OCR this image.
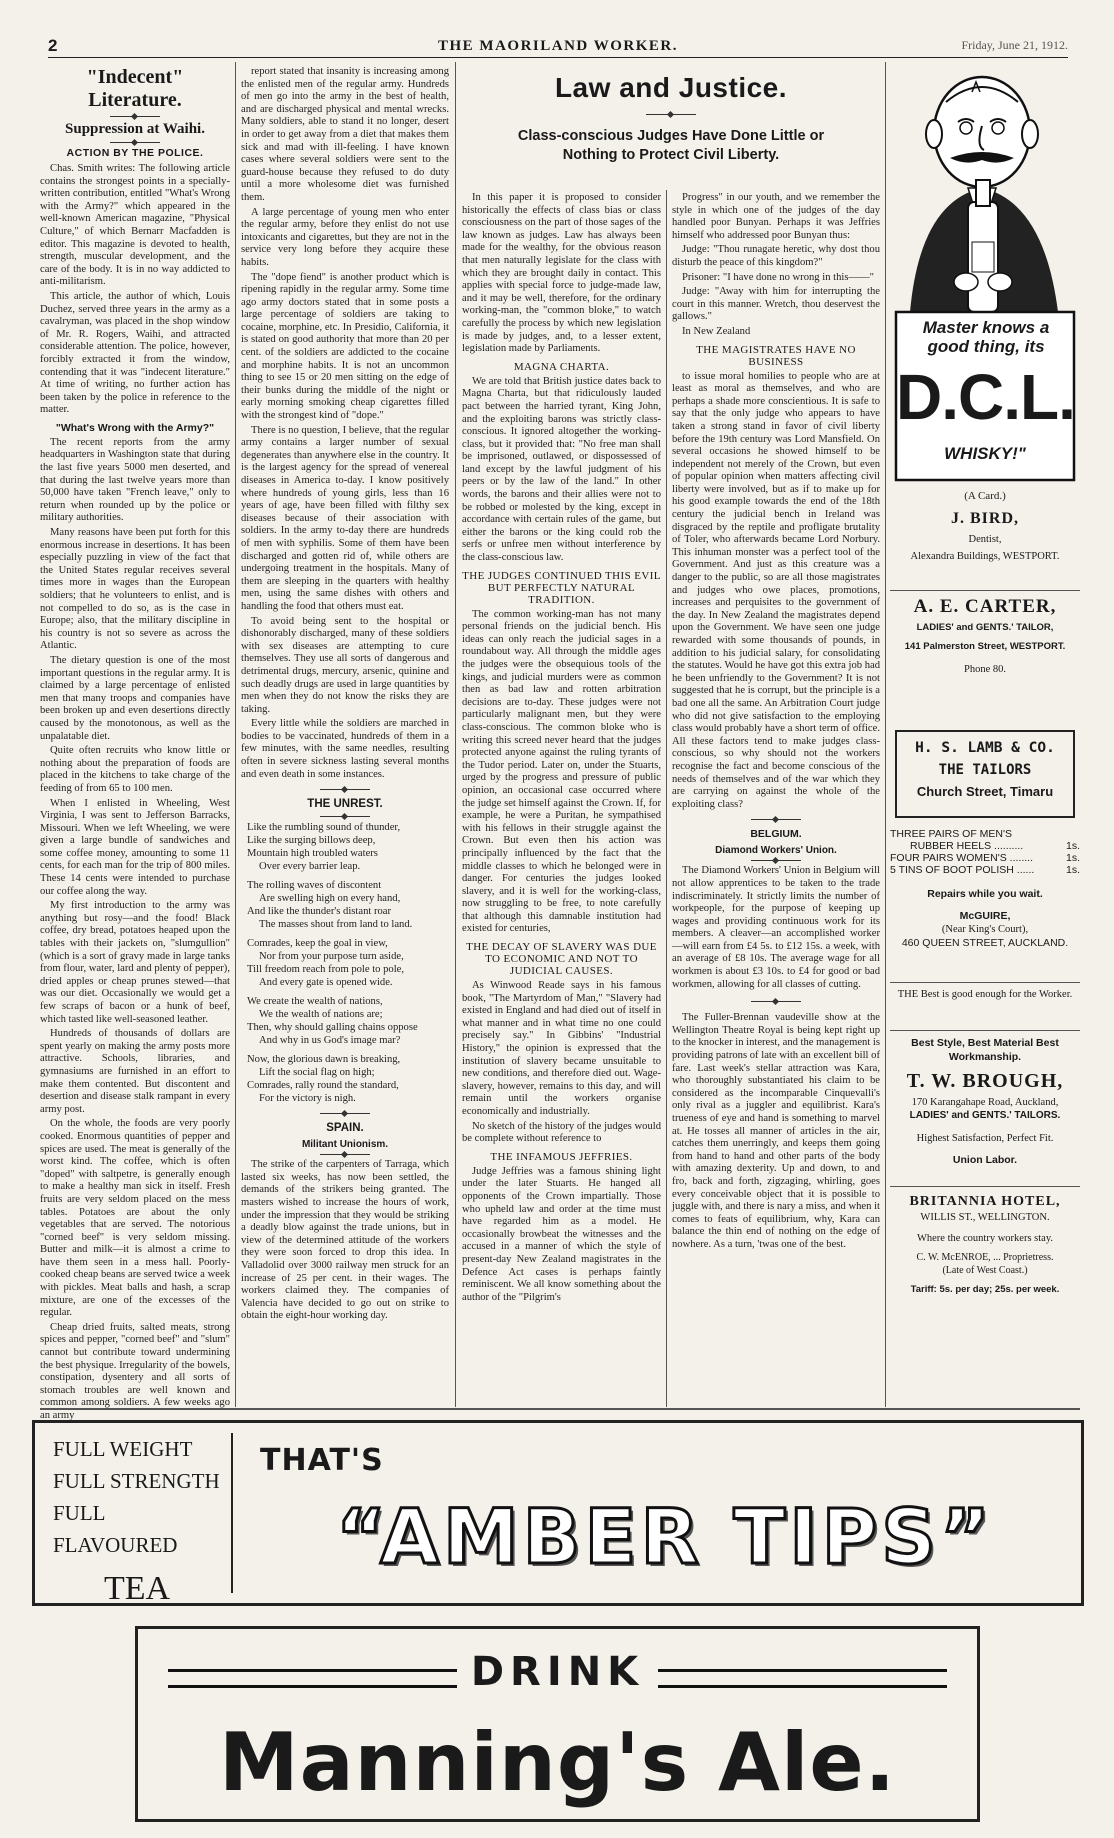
2	THE MAORILAND WORKER.	Friday, June 21, 1912.
"Indecent" Literature.
Suppression at Waihi.
ACTION BY THE POLICE.

Chas. Smith writes: The following article contains the strongest points in a specially-written contribution, entitled "What's Wrong with the Army?" which appeared in the well-known American magazine, "Physical Culture," of which Bernarr Macfadden is editor. This magazine is devoted to health, strength, muscular development, and the care of the body. It is in no way addicted to anti-militarism.

This article, the author of which, Louis Duchez, served three years in the army as a cavalryman, was placed in the shop window of Mr. R. Rogers, Waihi, and attracted considerable attention. The police, however, forcibly extracted it from the window, contending that it was "indecent literature." At time of writing, no further action has been taken by the police in reference to the matter.

"What's Wrong with the Army?"

The recent reports from the army headquarters in Washington state that during the last five years 5000 men deserted, and that during the last twelve years more than 50,000 have taken "French leave," only to return when rounded up by the police or military authorities.

Many reasons have been put forth for this enormous increase in desertions. It has been especially puzzling in view of the fact that the United States regular receives several times more in wages than the European soldiers; that he volunteers to enlist, and is not compelled to do so, as is the case in Europe; also, that the military discipline in his country is not so severe as across the Atlantic.

The dietary question is one of the most important questions in the regular army. It is claimed by a large percentage of enlisted men that many troops and companies have been broken up and even desertions directly caused by the monotonous, as well as the unpalatable diet.

Quite often recruits who know little or nothing about the preparation of foods are placed in the kitchens to take charge of the feeding of from 65 to 100 men.

When I enlisted in Wheeling, West Virginia, I was sent to Jefferson Barracks, Missouri. When we left Wheeling, we were given a large bundle of sandwiches and some coffee money, amounting to some 11 cents, for each man for the trip of 800 miles. These 14 cents were intended to purchase our coffee along the way.

My first introduction to the army was anything but rosy—and the food! Black coffee, dry bread, potatoes heaped upon the tables with their jackets on, "slumgullion" (which is a sort of gravy made in large tanks from flour, water, lard and plenty of pepper), dried apples or cheap prunes stewed—that was our diet. Occasionally we would get a few scraps of bacon or a hunk of beef, which tasted like well-seasoned leather.

Hundreds of thousands of dollars are spent yearly on making the army posts more attractive. Schools, libraries, and gymnasiums are furnished in an effort to make them contented. But discontent and desertion and disease stalk rampant in every army post.

On the whole, the foods are very poorly cooked. Enormous quantities of pepper and spices are used. The meat is generally of the worst kind. The coffee, which is often "doped" with saltpetre, is generally enough to make a healthy man sick in itself. Fresh fruits are very seldom placed on the mess tables. Potatoes are about the only vegetables that are served. The notorious "corned beef" is very seldom missing. Butter and milk—it is almost a crime to have them seen in a mess hall. Poorly-cooked cheap beans are served twice a week with pickles. Meat balls and hash, a scrap mixture, are one of the excesses of the regular.

Cheap dried fruits, salted meats, strong spices and pepper, "corned beef" and "slum" cannot but contribute toward undermining the best physique. Irregularity of the bowels, constipation, dysentery and all sorts of stomach troubles are well known and common among soldiers. A few weeks ago an army

report stated that insanity is increasing among the enlisted men of the regular army. Hundreds of men go into the army in the best of health, and are discharged physical and mental wrecks. Many soldiers, able to stand it no longer, desert in order to get away from a diet that makes them sick and mad with ill-feeling. I have known cases where several soldiers were sent to the guard-house because they refused to do duty until a more wholesome diet was furnished them.

A large percentage of young men who enter the regular army, before they enlist do not use intoxicants and cigarettes, but they are not in the service very long before they acquire these habits.

The "dope fiend" is another product which is ripening rapidly in the regular army. Some time ago army doctors stated that in some posts a large percentage of soldiers are taking to cocaine, morphine, etc. In Presidio, California, it is stated on good authority that more than 20 per cent. of the soldiers are addicted to the cocaine and morphine habits. It is not an uncommon thing to see 15 or 20 men sitting on the edge of their bunks during the middle of the night or early morning smoking cheap cigarettes filled with the strongest kind of "dope."

There is no question, I believe, that the regular army contains a larger number of sexual degenerates than anywhere else in the country. It is the largest agency for the spread of venereal diseases in America to-day. I know positively where hundreds of young girls, less than 16 years of age, have been filled with filthy sex diseases because of their association with soldiers. In the army to-day there are hundreds of men with syphilis. Some of them have been discharged and gotten rid of, while others are undergoing treatment in the hospitals. Many of them are sleeping in the quarters with healthy men, using the same dishes with others and handling the food that others must eat.

To avoid being sent to the hospital or dishonorably discharged, many of these soldiers with sex diseases are attempting to cure themselves. They use all sorts of dangerous and detrimental drugs, mercury, arsenic, quinine and such deadly drugs are used in large quantities by men when they do not know the risks they are taking.

Every little while the soldiers are marched in bodies to be vaccinated, hundreds of them in a few minutes, with the same needles, resulting often in severe sickness lasting several months and even death in some instances.

THE UNREST.
Like the rumbling sound of thunder,
Like the surging billows deep,
Mountain high troubled waters
Over every barrier leap.
The rolling waves of discontent
Are swelling high on every hand,
And like the thunder's distant roar
The masses shout from land to land.
Comrades, keep the goal in view,
Nor from your purpose turn aside,
Till freedom reach from pole to pole,
And every gate is opened wide.
We create the wealth of nations,
We the wealth of nations are;
Then, why should galling chains oppose
And why in us God's image mar?
Now, the glorious dawn is breaking,
Lift the social flag on high;
Comrades, rally round the standard,
For the victory is nigh.
SPAIN.
Militant Unionism.

The strike of the carpenters of Tarraga, which lasted six weeks, has now been settled, the demands of the strikers being granted. The masters wished to increase the hours of work, under the impression that they would be striking a deadly blow against the trade unions, but in view of the determined attitude of the workers they were soon forced to drop this idea. In Valladolid over 3000 railway men struck for an increase of 25 per cent. in their wages. The workers claimed they. The companies of Valencia have decided to go out on strike to obtain the eight-hour working day.

Law and Justice.
Class-conscious Judges Have Done Little or Nothing to Protect Civil Liberty.

In this paper it is proposed to consider historically the effects of class bias or class consciousness on the part of those sages of the law known as judges. Law has always been made for the wealthy, for the obvious reason that men naturally legislate for the class with which they are brought daily in contact. This applies with special force to judge-made law, and it may be well, therefore, for the ordinary working-man, the "common bloke," to watch carefully the process by which new legislation is made by judges, and, to a lesser extent, legislation made by Parliaments.

MAGNA CHARTA.

We are told that British justice dates back to Magna Charta, but that ridiculously lauded pact between the harried tyrant, King John, and the exploiting barons was strictly class-conscious. It ignored altogether the working-class, but it provided that: "No free man shall be imprisoned, outlawed, or dispossessed of land except by the lawful judgment of his peers or by the law of the land." In other words, the barons and their allies were not to be robbed or molested by the king, except in accordance with certain rules of the game, but either the barons or the king could rob the serfs or unfree men without interference by the class-conscious law.

THE JUDGES CONTINUED THIS EVIL BUT PERFECTLY NATURAL TRADITION.

The common working-man has not many personal friends on the judicial bench. His ideas can only reach the judicial sages in a roundabout way. All through the middle ages the judges were the obsequious tools of the kings, and judicial murders were as common then as bad law and rotten arbitration decisions are to-day. These judges were not particularly malignant men, but they were class-conscious. The common bloke who is writing this screed never heard that the judges protected anyone against the ruling tyrants of the Tudor period. Later on, under the Stuarts, urged by the progress and pressure of public opinion, an occasional case occurred where the judge set himself against the Crown. If, for example, he were a Puritan, he sympathised with his fellows in their struggle against the Crown. But even then his action was principally influenced by the fact that the middle classes to which he belonged were in danger. For centuries the judges looked slavery, and it is well for the working-class, now struggling to be free, to note carefully that although this damnable institution had existed for centuries,

THE DECAY OF SLAVERY WAS DUE TO ECONOMIC AND NOT TO JUDICIAL CAUSES.

As Winwood Reade says in his famous book, "The Martyrdom of Man," "Slavery had existed in England and had died out of itself in what manner and in what time no one could precisely say." In Gibbins' "Industrial History," the opinion is expressed that the institution of slavery became unsuitable to new conditions, and therefore died out. Wage-slavery, however, remains to this day, and will remain until the workers organise economically and industrially.

No sketch of the history of the judges would be complete without reference to

THE INFAMOUS JEFFRIES.

Judge Jeffries was a famous shining light under the later Stuarts. He hanged all opponents of the Crown impartially. Those who upheld law and order at the time must have regarded him as a model. He occasionally browbeat the witnesses and the accused in a manner of which the style of present-day New Zealand magistrates in the Defence Act cases is perhaps faintly reminiscent. We all know something about the author of the "Pilgrim's

Progress" in our youth, and we remember the style in which one of the judges of the day handled poor Bunyan. Perhaps it was Jeffries himself who addressed poor Bunyan thus:

Judge: "Thou runagate heretic, why dost thou disturb the peace of this kingdom?"

Prisoner: "I have done no wrong in this——"

Judge: "Away with him for interrupting the court in this manner. Wretch, thou deservest the gallows."

In New Zealand

THE MAGISTRATES HAVE NO BUSINESS

to issue moral homilies to people who are at least as moral as themselves, and who are perhaps a shade more conscientious. It is safe to say that the only judge who appears to have taken a strong stand in favor of civil liberty before the 19th century was Lord Mansfield. On several occasions he showed himself to be independent not merely of the Crown, but even of popular opinion when matters affecting civil liberty were involved, but as if to make up for his good example towards the end of the 18th century the judicial bench in Ireland was disgraced by the reptile and profligate brutality of Toler, who afterwards became Lord Norbury. This inhuman monster was a perfect tool of the Government. And just as this creature was a danger to the public, so are all those magistrates and judges who owe places, promotions, increases and perquisites to the government of the day. In New Zealand the magistrates depend upon the Government. We have seen one judge rewarded with some thousands of pounds, in addition to his judicial salary, for consolidating the statutes. Would he have got this extra job had he been unfriendly to the Government? It is not suggested that he is corrupt, but the principle is a bad one all the same. An Arbitration Court judge who did not give satisfaction to the employing class would probably have a short term of office. All these factors tend to make judges class-conscious, so why should not the workers recognise the fact and become conscious of the needs of themselves and of the war which they are carrying on against the whole of the exploiting class?

BELGIUM.
Diamond Workers' Union.

The Diamond Workers' Union in Belgium will not allow apprentices to be taken to the trade indiscriminately. It strictly limits the number of workpeople, for the purpose of keeping up wages and providing continuous work for its members. A cleaver—an accomplished worker—will earn from £4 5s. to £12 15s. a week, with an average of £8 10s. The average wage for all workmen is about £3 10s. to £4 for good or bad workmen, allowing for all classes of cutting.

The Fuller-Brennan vaudeville show at the Wellington Theatre Royal is being kept right up to the knocker in interest, and the management is providing patrons of late with an excellent bill of fare. Last week's stellar attraction was Kara, who thoroughly substantiated his claim to be considered as the incomparable Cinquevalli's only rival as a juggler and equilibrist. Kara's trueness of eye and hand is something to marvel at. He tosses all manner of articles in the air, catches them unerringly, and keeps them going from hand to hand and other parts of the body with amazing dexterity. Up and down, to and fro, back and forth, zigzaging, whirling, goes every conceivable object that it is possible to juggle with, and there is nary a miss, and when it comes to feats of equilibrium, why, Kara can balance the thin end of nothing on the edge of nowhere. As a turn, 'twas one of the best.

Master knows a good thing, its
D.C.L.
WHISKY!"
(A Card.)
J. BIRD,
Dentist,
Alexandra Buildings, WESTPORT.
A. E. CARTER,
LADIES' and GENTS.' TAILOR,
141 Palmerston Street, WESTPORT.
Phone 80.
H. S. LAMB & CO.
THE TAILORS
Church Street, Timaru
THREE PAIRS OF MEN'S
RUBBER HEELS ..........	1s.
FOUR PAIRS WOMEN'S ........	1s.
5 TINS OF BOOT POLISH ......	1s.
Repairs while you wait.
McGUIRE,
(Near King's Court),
460 QUEEN STREET, AUCKLAND.
THE Best is good enough for the Worker.
Best Style, Best Material Best Workmanship.
T. W. BROUGH,
170 Karangahape Road, Auckland,
LADIES' and GENTS.' TAILORS.
Highest Satisfaction, Perfect Fit.
Union Labor.
BRITANNIA HOTEL,
WILLIS ST., WELLINGTON.
Where the country workers stay.
C. W. McENROE, ... Proprietress.
(Late of West Coast.)
Tariff: 5s. per day; 25s. per week.
FULL WEIGHT
FULL STRENGTH
FULL FLAVOURED
TEA
THAT'S
“AMBER TIPS”
DRINK
Manning's Ale.
